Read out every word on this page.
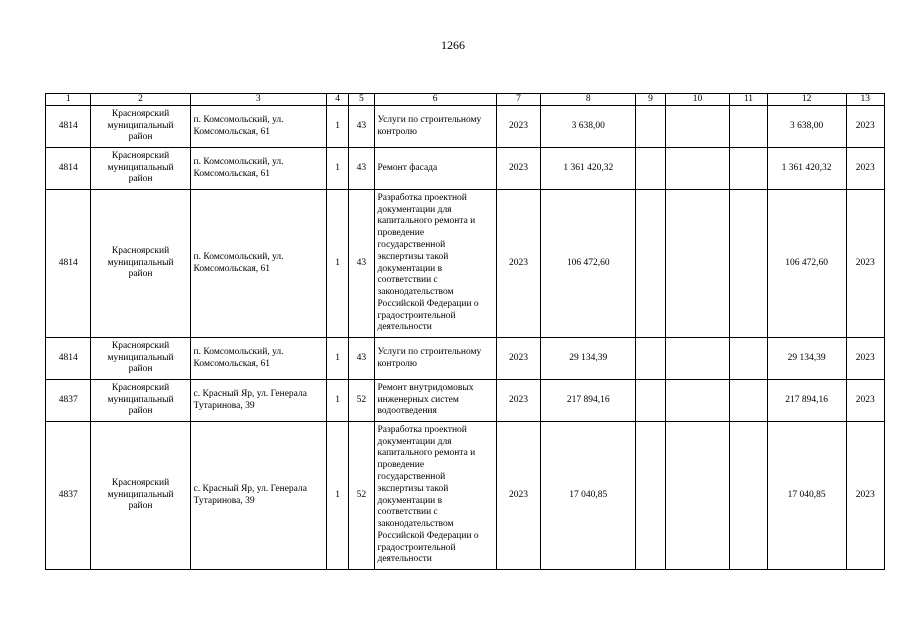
1266
1	2	3	4	5	6	7	8	9	10	11	12	13
4814	Красноярский муниципальный район	п. Комсомольский, ул. Комсомольская, 61	1	43	Услуги по строительному контролю	2023	3 638,00				3 638,00	2023
4814	Красноярский муниципальный район	п. Комсомольский, ул. Комсомольская, 61	1	43	Ремонт фасада	2023	1 361 420,32				1 361 420,32	2023
4814	Красноярский муниципальный район	п. Комсомольский, ул. Комсомольская, 61	1	43	Разработка проектной документации для капитального ремонта и проведение государственной экспертизы такой документации в соответствии с законодательством Российской Федерации о градостроительной деятельности	2023	106 472,60				106 472,60	2023
4814	Красноярский муниципальный район	п. Комсомольский, ул. Комсомольская, 61	1	43	Услуги по строительному контролю	2023	29 134,39				29 134,39	2023
4837	Красноярский муниципальный район	с. Красный Яр, ул. Генерала Тутаринова, 39	1	52	Ремонт внутридомовых инженерных систем водоотведения	2023	217 894,16				217 894,16	2023
4837	Красноярский муниципальный район	с. Красный Яр, ул. Генерала Тутаринова, 39	1	52	Разработка проектной документации для капитального ремонта и проведение государственной экспертизы такой документации в соответствии с законодательством Российской Федерации о градостроительной деятельности	2023	17 040,85				17 040,85	2023
